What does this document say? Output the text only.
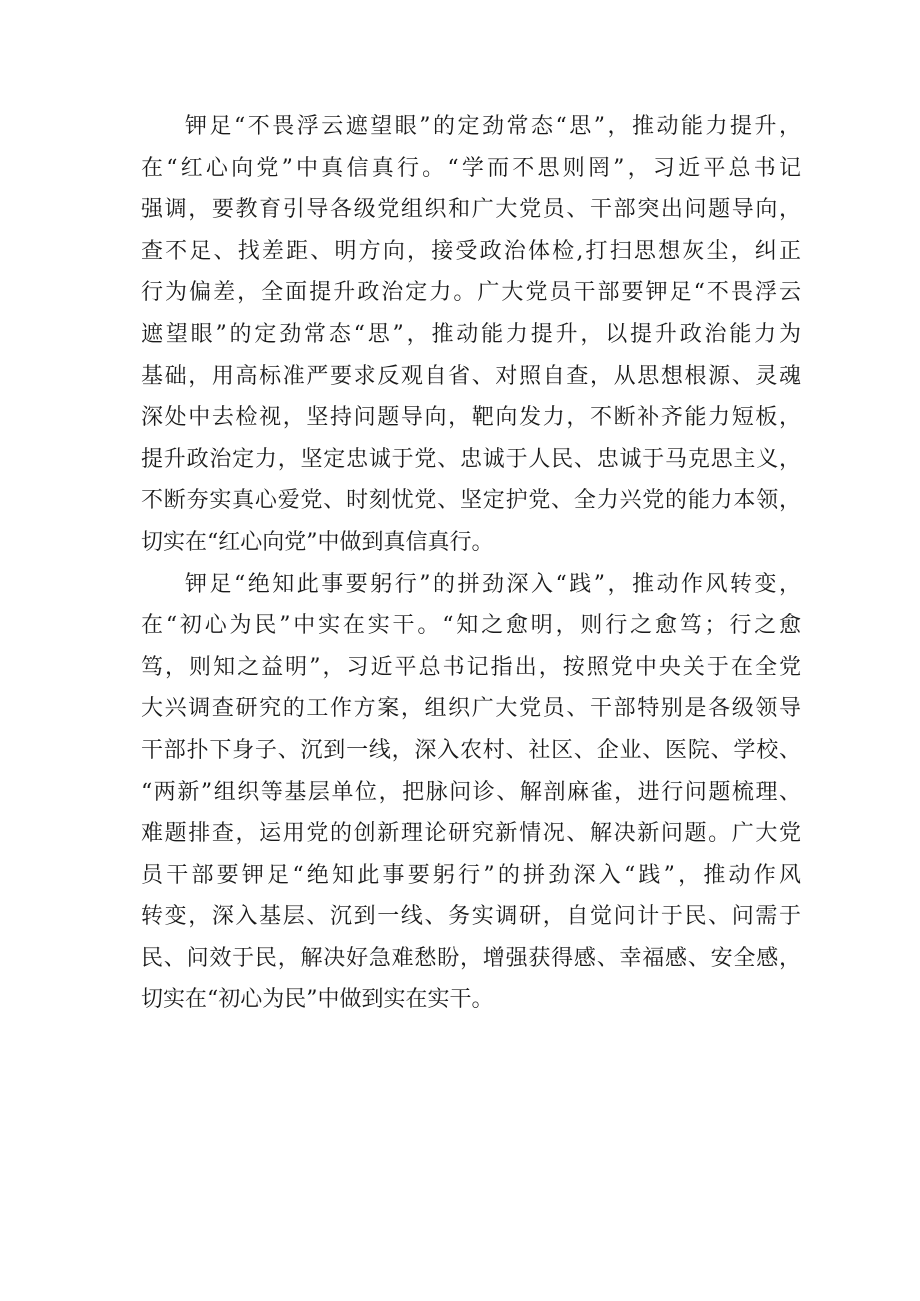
钾足“不畏浮云遮望眼”的定劲常态“思”，推动能力提升，
在“红心向党”中真信真行。“学而不思则罔”，习近平总书记
强调，要教育引导各级党组织和广大党员、干部突出问题导向，
查不足、找差距、明方向，接受政治体检,打扫思想灰尘，纠正
行为偏差，全面提升政治定力。广大党员干部要钾足“不畏浮云
遮望眼”的定劲常态“思”，推动能力提升，以提升政治能力为
基础，用高标准严要求反观自省、对照自查，从思想根源、灵魂
深处中去检视，坚持问题导向，靶向发力，不断补齐能力短板，
提升政治定力，坚定忠诚于党、忠诚于人民、忠诚于马克思主义，
不断夯实真心爱党、时刻忧党、坚定护党、全力兴党的能力本领，
切实在“红心向党”中做到真信真行。
钾足“绝知此事要躬行”的拼劲深入“践”，推动作风转变，
在“初心为民”中实在实干。“知之愈明，则行之愈笃；行之愈
笃，则知之益明”，习近平总书记指出，按照党中央关于在全党
大兴调查研究的工作方案，组织广大党员、干部特别是各级领导
干部扑下身子、沉到一线，深入农村、社区、企业、医院、学校、
“两新”组织等基层单位，把脉问诊、解剖麻雀，进行问题梳理、
难题排查，运用党的创新理论研究新情况、解决新问题。广大党
员干部要钾足“绝知此事要躬行”的拼劲深入“践”，推动作风
转变，深入基层、沉到一线、务实调研，自觉问计于民、问需于
民、问效于民，解决好急难愁盼，增强获得感、幸福感、安全感，
切实在“初心为民”中做到实在实干。
